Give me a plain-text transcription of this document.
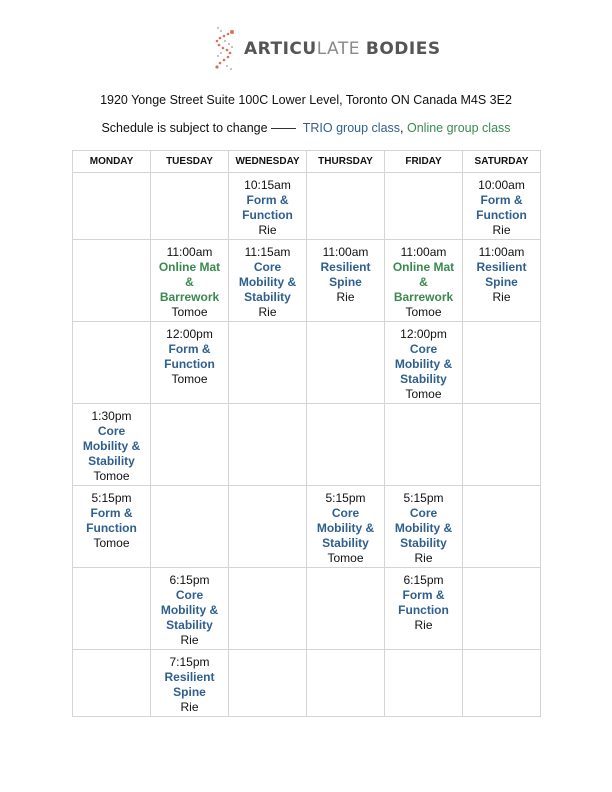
ARTICULATE BODIES
1920 Yonge Street Suite 100C Lower Level, Toronto ON Canada M4S 3E2
Schedule is subject to change —— TRIO group class, Online group class
MONDAY	TUESDAY	WEDNESDAY	THURSDAY	FRIDAY	SATURDAY

		10:15am
Form &
Function
Rie			10:00am
Form &
Function
Rie

	11:00am
Online Mat
&
Barrework
Tomoe	11:15am
Core
Mobility &
Stability
Rie	11:00am
Resilient
Spine
Rie	11:00am
Online Mat
&
Barrework
Tomoe	11:00am
Resilient
Spine
Rie

	12:00pm
Form &
Function
Tomoe			12:00pm
Core
Mobility &
Stability
Tomoe	

1:30pm
Core
Mobility &
Stability
Tomoe					

5:15pm
Form &
Function
Tomoe			5:15pm
Core
Mobility &
Stability
Tomoe	5:15pm
Core
Mobility &
Stability
Rie	

	6:15pm
Core
Mobility &
Stability
Rie			6:15pm
Form &
Function
Rie	

	7:15pm
Resilient
Spine
Rie				
